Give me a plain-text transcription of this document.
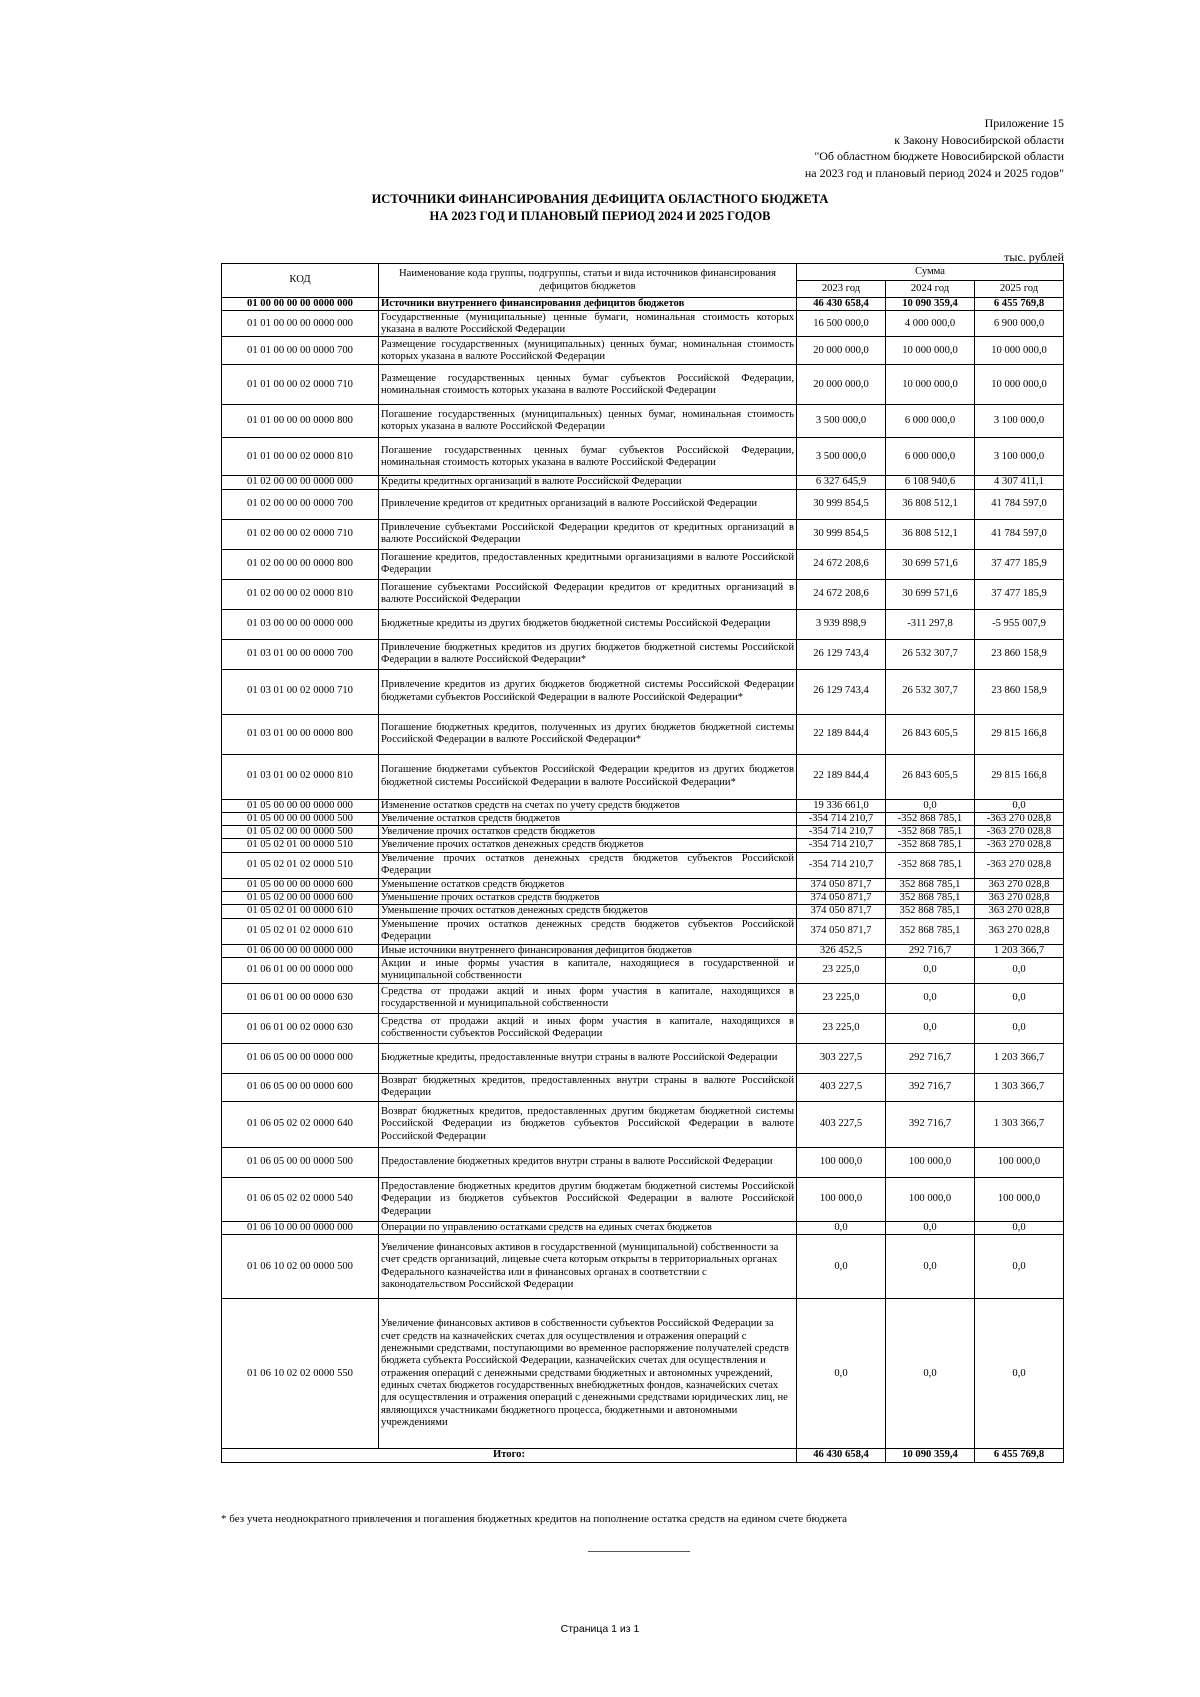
Приложение 15
к Закону Новосибирской области
"Об областном бюджете Новосибирской области
на 2023 год и плановый период 2024 и 2025 годов"
ИСТОЧНИКИ ФИНАНСИРОВАНИЯ ДЕФИЦИТА ОБЛАСТНОГО БЮДЖЕТА
НА 2023 ГОД И ПЛАНОВЫЙ ПЕРИОД 2024 И 2025 ГОДОВ
тыс. рублей
КОД	Наименование кода группы, подгруппы, статьи и вида источников финансирования дефицитов бюджетов	Сумма		
		2023 год	2024 год	2025 год
01 00 00 00 00 0000 000	Источники внутреннего финансирования дефицитов бюджетов	46 430 658,4	10 090 359,4	6 455 769,8
01 01 00 00 00 0000 000	Государственные (муниципальные) ценные бумаги, номинальная стоимость которых указана в валюте Российской Федерации	16 500 000,0	4 000 000,0	6 900 000,0
01 01 00 00 00 0000 700	Размещение государственных (муниципальных) ценных бумаг, номинальная стоимость которых указана в валюте Российской Федерации	20 000 000,0	10 000 000,0	10 000 000,0
01 01 00 00 02 0000 710	Размещение государственных ценных бумаг субъектов Российской Федерации, номинальная стоимость которых указана в валюте Российской Федерации	20 000 000,0	10 000 000,0	10 000 000,0
01 01 00 00 00 0000 800	Погашение государственных (муниципальных) ценных бумаг, номинальная стоимость которых указана в валюте Российской Федерации	3 500 000,0	6 000 000,0	3 100 000,0
01 01 00 00 02 0000 810	Погашение государственных ценных бумаг субъектов Российской Федерации, номинальная стоимость которых указана в валюте Российской Федерации	3 500 000,0	6 000 000,0	3 100 000,0
01 02 00 00 00 0000 000	Кредиты кредитных организаций в валюте Российской Федерации	6 327 645,9	6 108 940,6	4 307 411,1
01 02 00 00 00 0000 700	Привлечение кредитов от кредитных организаций в валюте Российской Федерации	30 999 854,5	36 808 512,1	41 784 597,0
01 02 00 00 02 0000 710	Привлечение субъектами Российской Федерации кредитов от кредитных организаций в валюте Российской Федерации	30 999 854,5	36 808 512,1	41 784 597,0
01 02 00 00 00 0000 800	Погашение кредитов, предоставленных кредитными организациями в валюте Российской Федерации	24 672 208,6	30 699 571,6	37 477 185,9
01 02 00 00 02 0000 810	Погашение субъектами Российской Федерации кредитов от кредитных организаций в валюте Российской Федерации	24 672 208,6	30 699 571,6	37 477 185,9
01 03 00 00 00 0000 000	Бюджетные кредиты из других бюджетов бюджетной системы Российской Федерации	3 939 898,9	-311 297,8	-5 955 007,9
01 03 01 00 00 0000 700	Привлечение бюджетных кредитов из других бюджетов бюджетной системы Российской Федерации в валюте Российской Федерации*	26 129 743,4	26 532 307,7	23 860 158,9
01 03 01 00 02 0000 710	Привлечение кредитов из других бюджетов бюджетной системы Российской Федерации бюджетами субъектов Российской Федерации в валюте Российской Федерации*	26 129 743,4	26 532 307,7	23 860 158,9
01 03 01 00 00 0000 800	Погашение бюджетных кредитов, полученных из других бюджетов бюджетной системы Российской Федерации в валюте Российской Федерации*	22 189 844,4	26 843 605,5	29 815 166,8
01 03 01 00 02 0000 810	Погашение бюджетами субъектов Российской Федерации кредитов из других бюджетов бюджетной системы Российской Федерации в валюте Российской Федерации*	22 189 844,4	26 843 605,5	29 815 166,8
01 05 00 00 00 0000 000	Изменение остатков средств на счетах по учету средств бюджетов	19 336 661,0	0,0	0,0
01 05 00 00 00 0000 500	Увеличение остатков средств бюджетов	-354 714 210,7	-352 868 785,1	-363 270 028,8
01 05 02 00 00 0000 500	Увеличение прочих остатков средств бюджетов	-354 714 210,7	-352 868 785,1	-363 270 028,8
01 05 02 01 00 0000 510	Увеличение прочих остатков денежных средств бюджетов	-354 714 210,7	-352 868 785,1	-363 270 028,8
01 05 02 01 02 0000 510	Увеличение прочих остатков денежных средств бюджетов субъектов Российской Федерации	-354 714 210,7	-352 868 785,1	-363 270 028,8
01 05 00 00 00 0000 600	Уменьшение остатков средств бюджетов	374 050 871,7	352 868 785,1	363 270 028,8
01 05 02 00 00 0000 600	Уменьшение прочих остатков средств бюджетов	374 050 871,7	352 868 785,1	363 270 028,8
01 05 02 01 00 0000 610	Уменьшение прочих остатков денежных средств бюджетов	374 050 871,7	352 868 785,1	363 270 028,8
01 05 02 01 02 0000 610	Уменьшение прочих остатков денежных средств бюджетов субъектов Российской Федерации	374 050 871,7	352 868 785,1	363 270 028,8
01 06 00 00 00 0000 000	Иные источники внутреннего финансирования дефицитов бюджетов	326 452,5	292 716,7	1 203 366,7
01 06 01 00 00 0000 000	Акции и иные формы участия в капитале, находящиеся в государственной и муниципальной собственности	23 225,0	0,0	0,0
01 06 01 00 00 0000 630	Средства от продажи акций и иных форм участия в капитале, находящихся в государственной и муниципальной собственности	23 225,0	0,0	0,0
01 06 01 00 02 0000 630	Средства от продажи акций и иных форм участия в капитале, находящихся в собственности субъектов Российской Федерации	23 225,0	0,0	0,0
01 06 05 00 00 0000 000	Бюджетные кредиты, предоставленные внутри страны в валюте Российской Федерации	303 227,5	292 716,7	1 203 366,7
01 06 05 00 00 0000 600	Возврат бюджетных кредитов, предоставленных внутри страны в валюте Российской Федерации	403 227,5	392 716,7	1 303 366,7
01 06 05 02 02 0000 640	Возврат бюджетных кредитов, предоставленных другим бюджетам бюджетной системы Российской Федерации из бюджетов субъектов Российской Федерации в валюте Российской Федерации	403 227,5	392 716,7	1 303 366,7
01 06 05 00 00 0000 500	Предоставление бюджетных кредитов внутри страны в валюте Российской Федерации	100 000,0	100 000,0	100 000,0
01 06 05 02 02 0000 540	Предоставление бюджетных кредитов другим бюджетам бюджетной системы Российской Федерации из бюджетов субъектов Российской Федерации в валюте Российской Федерации	100 000,0	100 000,0	100 000,0
01 06 10 00 00 0000 000	Операции по управлению остатками средств на единых счетах бюджетов	0,0	0,0	0,0
01 06 10 02 00 0000 500	Увеличение финансовых активов в государственной (муниципальной) собственности за счет средств организаций, лицевые счета которым открыты в территориальных органах Федерального казначейства или в финансовых органах в соответствии с законодательством Российской Федерации	0,0	0,0	0,0
01 06 10 02 02 0000 550	Увеличение финансовых активов в собственности субъектов Российской Федерации за счет средств на казначейских счетах для осуществления и отражения операций с денежными средствами, поступающими во временное распоряжение получателей средств бюджета субъекта Российской Федерации, казначейских счетах для осуществления и отражения операций с денежными средствами бюджетных и автономных учреждений, единых счетах бюджетов государственных внебюджетных фондов, казначейских счетах для осуществления и отражения операций с денежными средствами юридических лиц, не являющихся участниками бюджетного процесса, бюджетными и автономными учреждениями	0,0	0,0	0,0
Итого:		46 430 658,4	10 090 359,4	6 455 769,8
* без учета неоднократного привлечения и погашения бюджетных кредитов на пополнение остатка средств на едином счете бюджета
Страница 1 из 1
